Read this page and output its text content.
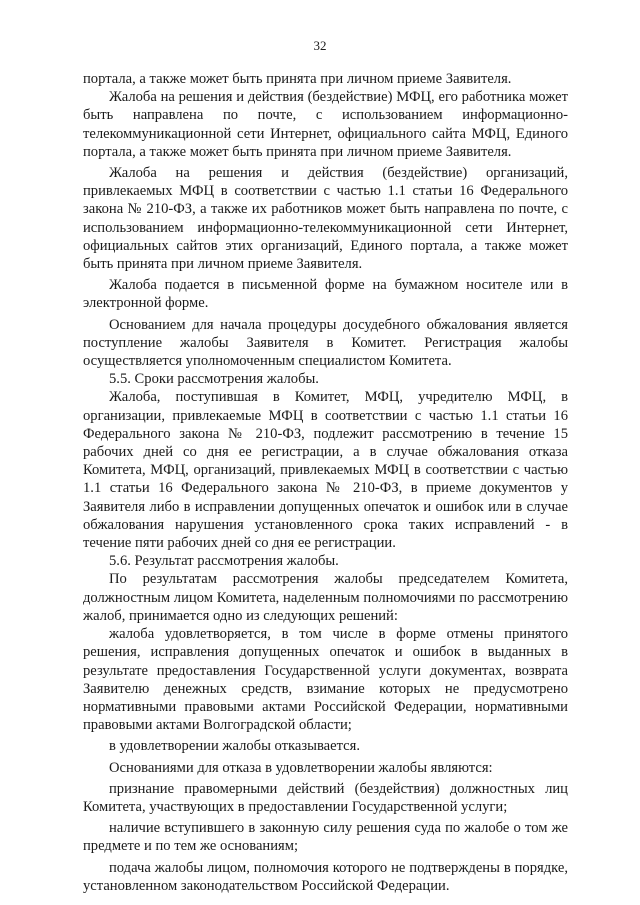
32

портала, а также может быть принята при личном приеме Заявителя.

Жалоба на решения и действия (бездействие) МФЦ, его работника может быть направлена по почте, с использованием информационно-телекоммуникационной сети Интернет, официального сайта МФЦ, Единого портала, а также может быть принята при личном приеме Заявителя.

Жалоба на решения и действия (бездействие) организаций, привлекаемых МФЦ в соответствии с частью 1.1 статьи 16 Федерального закона № 210-ФЗ, а также их работников может быть направлена по почте, с использованием информационно-телекоммуникационной сети Интернет, официальных сайтов этих организаций, Единого портала, а также может быть принята при личном приеме Заявителя.

Жалоба подается в письменной форме на бумажном носителе или в электронной форме.

Основанием для начала процедуры досудебного обжалования является поступление жалобы Заявителя в Комитет. Регистрация жалобы осуществляется уполномоченным специалистом Комитета.

5.5. Сроки рассмотрения жалобы.

Жалоба, поступившая в Комитет, МФЦ, учредителю МФЦ, в организации, привлекаемые МФЦ в соответствии с частью 1.1 статьи 16 Федерального закона № 210-ФЗ, подлежит рассмотрению в течение 15 рабочих дней со дня ее регистрации, а в случае обжалования отказа Комитета, МФЦ, организаций, привлекаемых МФЦ в соответствии с частью 1.1 статьи 16 Федерального закона № 210-ФЗ, в приеме документов у Заявителя либо в исправлении допущенных опечаток и ошибок или в случае обжалования нарушения установленного срока таких исправлений - в течение пяти рабочих дней со дня ее регистрации.

5.6. Результат рассмотрения жалобы.

По результатам рассмотрения жалобы председателем Комитета, должностным лицом Комитета, наделенным полномочиями по рассмотрению жалоб, принимается одно из следующих решений:

жалоба удовлетворяется, в том числе в форме отмены принятого решения, исправления допущенных опечаток и ошибок в выданных в результате предоставления Государственной услуги документах, возврата Заявителю денежных средств, взимание которых не предусмотрено нормативными правовыми актами Российской Федерации, нормативными правовыми актами Волгоградской области;

в удовлетворении жалобы отказывается.

Основаниями для отказа в удовлетворении жалобы являются:

признание правомерными действий (бездействия) должностных лиц Комитета, участвующих в предоставлении Государственной услуги;

наличие вступившего в законную силу решения суда по жалобе о том же предмете и по тем же основаниям;

подача жалобы лицом, полномочия которого не подтверждены в порядке, установленном законодательством Российской Федерации.
